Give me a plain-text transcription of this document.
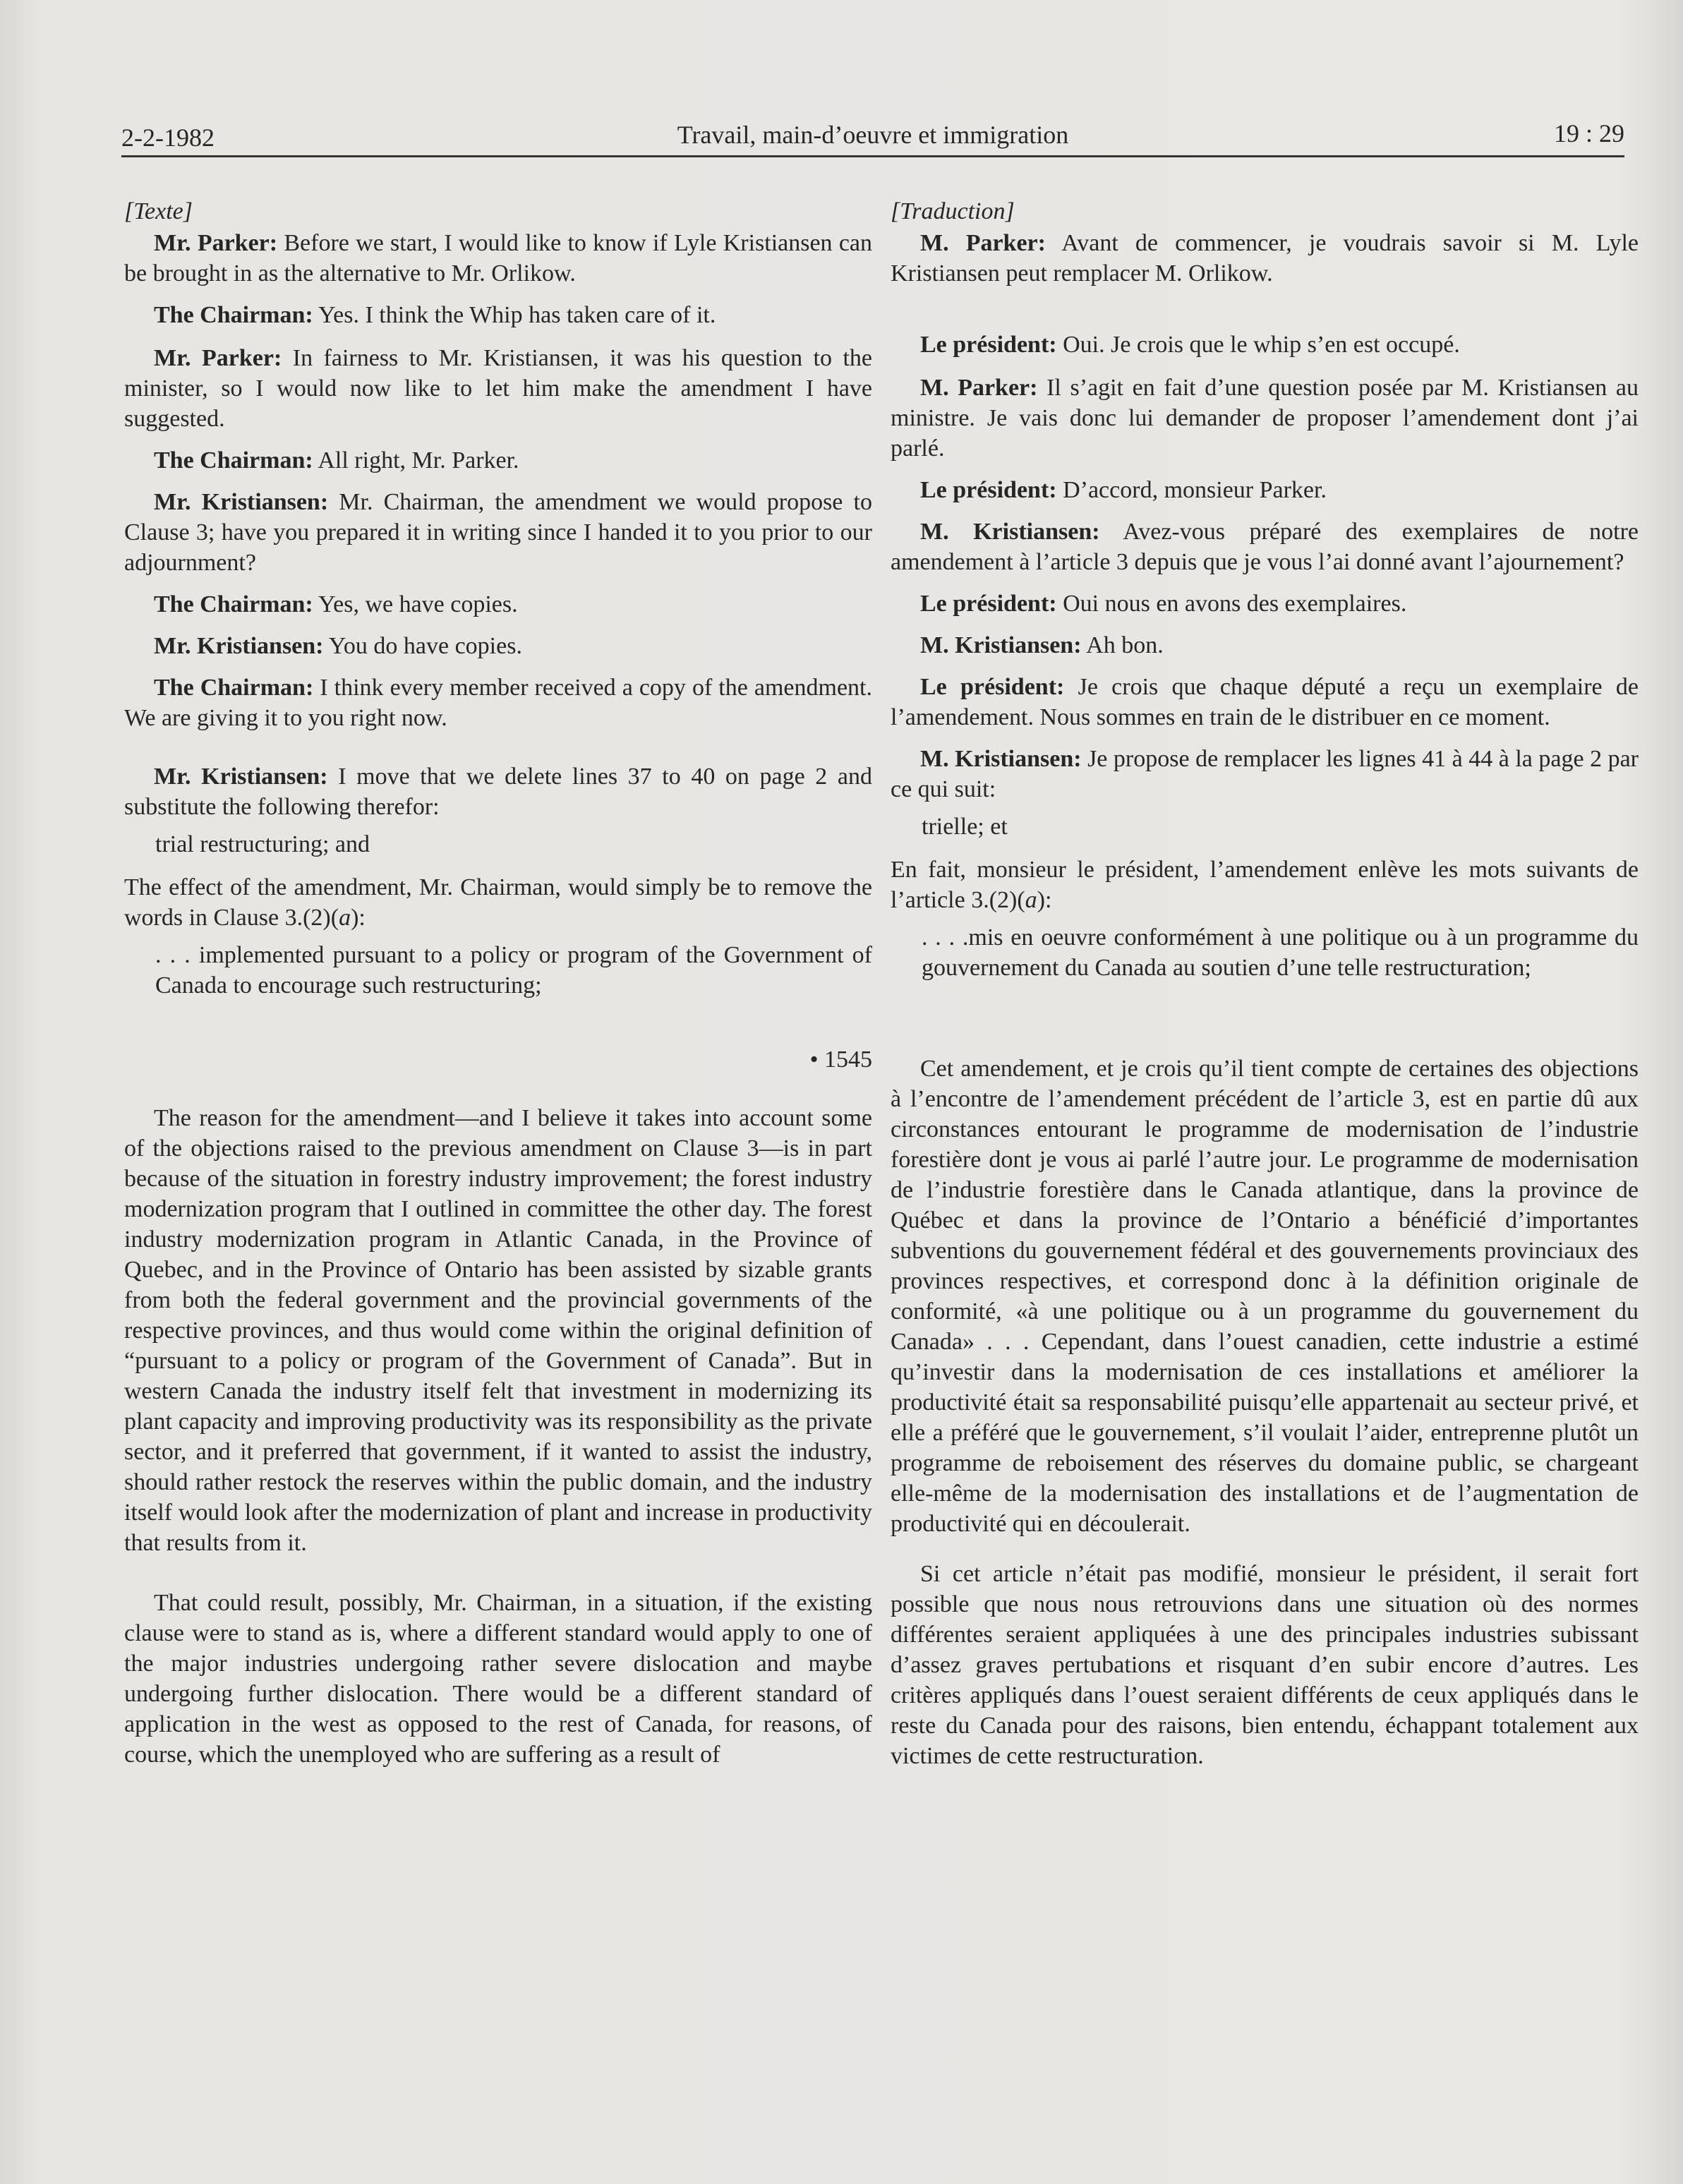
2-2-1982	Travail, main-d’oeuvre et immigration	19 : 29

[Texte]

Mr. Parker: Before we start, I would like to know if Lyle Kristiansen can be brought in as the alternative to Mr. Orlikow.

The Chairman: Yes. I think the Whip has taken care of it.

Mr. Parker: In fairness to Mr. Kristiansen, it was his question to the minister, so I would now like to let him make the amendment I have suggested.

The Chairman: All right, Mr. Parker.

Mr. Kristiansen: Mr. Chairman, the amendment we would propose to Clause 3; have you prepared it in writing since I handed it to you prior to our adjournment?

The Chairman: Yes, we have copies.

Mr. Kristiansen: You do have copies.

The Chairman: I think every member received a copy of the amendment. We are giving it to you right now.

Mr. Kristiansen: I move that we delete lines 37 to 40 on page 2 and substitute the following therefor:

trial restructuring; and

The effect of the amendment, Mr. Chairman, would simply be to remove the words in Clause 3.(2)(a):

. . . implemented pursuant to a policy or program of the Government of Canada to encourage such restructuring;

• 1545

The reason for the amendment—and I believe it takes into account some of the objections raised to the previous amendment on Clause 3—is in part because of the situation in forestry industry improvement; the forest industry modernization program that I outlined in committee the other day. The forest industry modernization program in Atlantic Canada, in the Province of Quebec, and in the Province of Ontario has been assisted by sizable grants from both the federal government and the provincial governments of the respective provinces, and thus would come within the original definition of “pursuant to a policy or program of the Government of Canada”. But in western Canada the industry itself felt that investment in modernizing its plant capacity and improving productivity was its responsibility as the private sector, and it preferred that government, if it wanted to assist the industry, should rather restock the reserves within the public domain, and the industry itself would look after the modernization of plant and increase in productivity that results from it.

That could result, possibly, Mr. Chairman, in a situation, if the existing clause were to stand as is, where a different standard would apply to one of the major industries undergoing rather severe dislocation and maybe undergoing further dislocation. There would be a different standard of application in the west as opposed to the rest of Canada, for reasons, of course, which the unemployed who are suffering as a result of

[Traduction]

M. Parker: Avant de commencer, je voudrais savoir si M. Lyle Kristiansen peut remplacer M. Orlikow.

Le président: Oui. Je crois que le whip s’en est occupé.

M. Parker: Il s’agit en fait d’une question posée par M. Kristiansen au ministre. Je vais donc lui demander de proposer l’amendement dont j’ai parlé.

Le président: D’accord, monsieur Parker.

M. Kristiansen: Avez-vous préparé des exemplaires de notre amendement à l’article 3 depuis que je vous l’ai donné avant l’ajournement?

Le président: Oui nous en avons des exemplaires.

M. Kristiansen: Ah bon.

Le président: Je crois que chaque député a reçu un exemplaire de l’amendement. Nous sommes en train de le distribuer en ce moment.

M. Kristiansen: Je propose de remplacer les lignes 41 à 44 à la page 2 par ce qui suit:

trielle; et

En fait, monsieur le président, l’amendement enlève les mots suivants de l’article 3.(2)(a):

. . . .mis en oeuvre conformément à une politique ou à un programme du gouvernement du Canada au soutien d’une telle restructuration;

Cet amendement, et je crois qu’il tient compte de certaines des objections à l’encontre de l’amendement précédent de l’article 3, est en partie dû aux circonstances entourant le programme de modernisation de l’industrie forestière dont je vous ai parlé l’autre jour. Le programme de modernisation de l’industrie forestière dans le Canada atlantique, dans la province de Québec et dans la province de l’Ontario a bénéficié d’importantes subventions du gouvernement fédéral et des gouvernements provinciaux des provinces respectives, et correspond donc à la définition originale de conformité, «à une politique ou à un programme du gouvernement du Canada» . . . Cependant, dans l’ouest canadien, cette industrie a estimé qu’investir dans la modernisation de ces installations et améliorer la productivité était sa responsabilité puisqu’elle appartenait au secteur privé, et elle a préféré que le gouvernement, s’il voulait l’aider, entreprenne plutôt un programme de reboisement des réserves du domaine public, se chargeant elle-même de la modernisation des installations et de l’augmentation de productivité qui en découlerait.

Si cet article n’était pas modifié, monsieur le président, il serait fort possible que nous nous retrouvions dans une situation où des normes différentes seraient appliquées à une des principales industries subissant d’assez graves pertubations et risquant d’en subir encore d’autres. Les critères appliqués dans l’ouest seraient différents de ceux appliqués dans le reste du Canada pour des raisons, bien entendu, échappant totalement aux victimes de cette restructuration.
